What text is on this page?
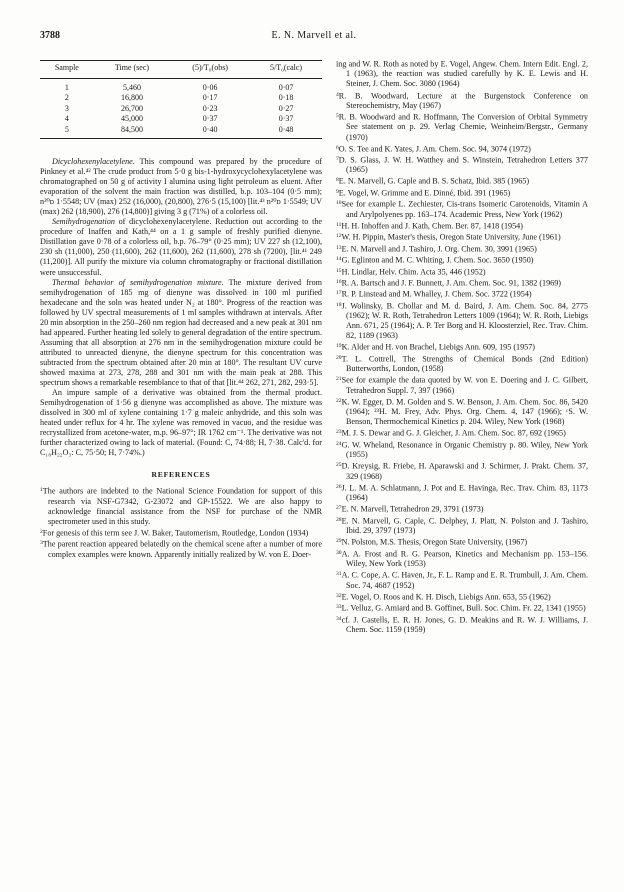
3788	E. N. Marvell et al.
Sample	Time (sec)	(5)/T₀(obs)	5/T₀(calc)
1	5,460	0·06	0·07
2	16,800	0·17	0·18
3	26,700	0·23	0·27
4	45,000	0·37	0·37
5	84,500	0·40	0·48

Dicyclohexenylacetylene. This compound was prepared by the procedure of Pinkney et al.⁴² The crude product from 5·0 g bis-1-hydroxycyclohexylacetylene was chromatographed on 50 g of activity I alumina using light petroleum as eluent. After evaporation of the solvent the main fraction was distilled, b.p. 103–104 (0·5 mm); n²⁰ᴅ 1·5548; UV (max) 252 (16,000), (20,800), 276·5 (15,100) [lit.⁴³ n²⁰ᴅ 1·5549; UV (max) 262 (18,900), 276 (14,800)] giving 3 g (71%) of a colorless oil.

Semihydrogenation of dicyclohexenylacetylene. Reduction out according to the procedure of Inaffen and Kath,⁴⁴ on a 1 g sample of freshly purified dienyne. Distillation gave 0·78 of a colorless oil, b.p. 76–79° (0·25 mm); UV 227 sh (12,100), 230 sh (11,000), 250 (11,600), 262 (11,600), 262 (11,600), 278 sh (7200), [lit.⁴¹ 249 (11,200)]. All purify the mixture via column chromatography or fractional distillation were unsuccessful.

Thermal behavior of semihydrogenation mixture. The mixture derived from semihydrogenation of 185 mg of dienyne was dissolved in 100 ml purified hexadecane and the soln was heated under N₂ at 180°. Progress of the reaction was followed by UV spectral measurements of 1 ml samples withdrawn at intervals. After 20 min absorption in the 250–260 nm region had decreased and a new peak at 301 nm had appeared. Further heating led solely to general degradation of the entire spectrum. Assuming that all absorption at 276 nm in the semihydrogenation mixture could be attributed to unreacted dienyne, the dienyne spectrum for this concentration was subtracted from the spectrum obtained after 20 min at 180°. The resultant UV curve showed maxima at 273, 278, 288 and 301 nm with the main peak at 288. This spectrum shows a remarkable resemblance to that of that [lit.⁴⁴ 262, 271, 282, 293·5].

An impure sample of a derivative was obtained from the thermal product. Semihydrogenation of 1·56 g dienyne was accomplished as above. The mixture was dissolved in 300 ml of xylene containing 1·7 g maleic anhydride, and this soln was heated under reflux for 4 hr. The xylene was removed in vacuo, and the residue was recrystallized from acetone-water, m.p. 96–97°; IR 1762 cm⁻¹. The derivative was not further characterized owing to lack of material. (Found: C, 74·88; H, 7·38. Calc'd. for C₁₈H₂₂O₃: C, 75·50; H, 7·74%.)

REFERENCES
$^1$The authors are indebted to the National Science Foundation for support of this research via NSF-G7342, G-23072 and GP-15522. We are also happy to acknowledge financial assistance from the NSF for purchase of the NMR spectrometer used in this study.
$^2$For genesis of this term see J. W. Baker, Tautomerism, Routledge, London (1934)
$^3$The parent reaction appeared belatedly on the chemical scene after a number of more complex examples were known. Apparently initially realized by W. von E. Doer-
ing and W. R. Roth as noted by E. Vogel, Angew. Chem. Intern Edit. Engl. 2, 1 (1963), the reaction was studied carefully by K. E. Lewis and H. Steiner, J. Chem. Soc. 3080 (1964)
$^4$R. B. Woodward, Lecture at the Burgenstock Conference on Stereochemistry, May (1967)
$^5$R. B. Woodward and R. Hoffmann, The Conversion of Orbital Symmetry See statement on p. 29. Verlag Chemie, Weinheim/Bergstr., Germany (1970)
$^6$O. S. Tee and K. Yates, J. Am. Chem. Soc. 94, 3074 (1972)
$^7$D. S. Glass, J. W. H. Watthey and S. Winstein, Tetrahedron Letters 377 (1965)
$^8$E. N. Marvell, G. Caple and B. S. Schatz, Ibid. 385 (1965)
$^9$E. Vogel, W. Grimme and E. Dinné, Ibid. 391 (1965)
$^{10}$See for example L. Zechiester, Cis-trans Isomeric Carotenoids, Vitamin A and Arylpolyenes pp. 163–174. Academic Press, New York (1962)
$^{11}$H. H. Inhoffen and J. Kath, Chem. Ber. 87, 1418 (1954)
$^{12}$W. H. Pippin, Master's thesis, Oregon State University, June (1961)
$^{13}$E. N. Marvell and J. Tashiro, J. Org. Chem. 30, 3991 (1965)
$^{14}$G. Eglinton and M. C. Whiting, J. Chem. Soc. 3650 (1950)
$^{15}$H. Lindlar, Helv. Chim. Acta 35, 446 (1952)
$^{16}$R. A. Bartsch and J. F. Bunnett, J. Am. Chem. Soc. 91, 1382 (1969)
$^{17}$R. P. Linstead and M. Whalley, J. Chem. Soc. 3722 (1954)
$^{18}$J. Wolinsky, B. Chollar and M. d. Baird, J. Am. Chem. Soc. 84, 2775 (1962); W. R. Roth, Tetrahedron Letters 1009 (1964); W. R. Roth, Liebigs Ann. 671, 25 (1964); A. P. Ter Borg and H. Kloosterziel, Rec. Trav. Chim. 82, 1189 (1963)
$^{19}$K. Alder and H. von Brachel, Liebigs Ann. 609, 195 (1957)
$^{20}$T. L. Cottrell, The Strengths of Chemical Bonds (2nd Edition) Butterworths, London, (1958)
$^{21}$See for example the data quoted by W. von E. Doering and J. C. Gilbert, Tetrahedron Suppl. 7, 397 (1966)
$^{22}$K. W. Egger, D. M. Golden and S. W. Benson, J. Am. Chem. Soc. 86, 5420 (1964); ²³H. M. Frey, Adv. Phys. Org. Chem. 4, 147 (1966); ᶜS. W. Benson, Thermochemical Kinetics p. 204. Wiley, New York (1968)
$^{23}$M. J. S. Dewar and G. J. Gleicher, J. Am. Chem. Soc. 87, 692 (1965)
$^{24}$G. W. Wheland, Resonance in Organic Chemistry p. 80. Wiley, New York (1955)
$^{25}$D. Kreysig, R. Friebe, H. Aparawski and J. Schirmer, J. Prakt. Chem. 37, 329 (1968)
$^{26}$J. L. M. A. Schlatmann, J. Pot and E. Havinga, Rec. Trav. Chim. 83, 1173 (1964)
$^{27}$E. N. Marvell, Tetrahedron 29, 3791 (1973)
$^{28}$E. N. Marvell, G. Caple, C. Delphey, J. Platt, N. Polston and J. Tashiro, Ibid. 29, 3797 (1973)
$^{29}$N. Polston, M.S. Thesis, Oregon State University, (1967)
$^{30}$A. A. Frost and R. G. Pearson, Kinetics and Mechanism pp. 153–156. Wiley, New York (1953)
$^{31}$A. C. Cope, A. C. Haven, Jr., F. L. Ramp and E. R. Trumbull, J. Am. Chem. Soc. 74, 4687 (1952)
$^{32}$E. Vogel, O. Roos and K. H. Disch, Liebigs Ann. 653, 55 (1962)
$^{33}$L. Velluz, G. Amiard and B. Goffinet, Bull. Soc. Chim. Fr. 22, 1341 (1955)
$^{34}$cf. J. Castells, E. R. H. Jones, G. D. Meakins and R. W. J. Williams, J. Chem. Soc. 1159 (1959)
